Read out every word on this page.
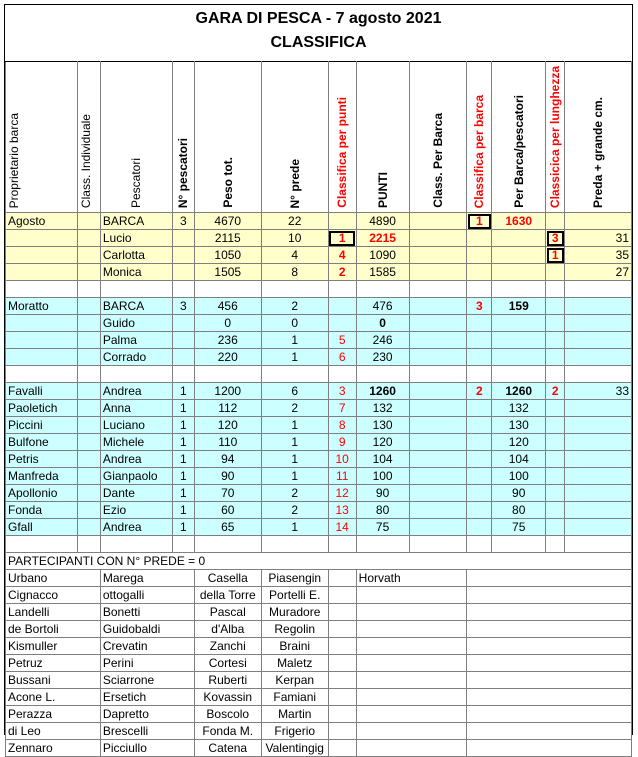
GARA DI PESCA - 7 agosto 2021
CLASSIFICA
Proprietario barca	Class. Individuale	Pescatori	N° pescatori	Peso tot.	N° prede	Classifica per punti	PUNTI	Class. Per Barca	Classifica per barca	Per Barca/pescatori	Classicica per lunghezza	Preda + grande cm.
Agosto		BARCA	3	4670	22		4890		1	1630		
		Lucio		2115	10	1	2215				3	31
		Carlotta		1050	4	4	1090				1	35
		Monica		1505	8	2	1585					27

Moratto		BARCA	3	456	2		476		3	159		
		Guido		0	0		0					
		Palma		236	1	5	246					
		Corrado		220	1	6	230					

Favalli		Andrea	1	1200	6	3	1260		2	1260	2	33
Paoletich		Anna	1	112	2	7	132			132		
Piccini		Luciano	1	120	1	8	130			130		
Bulfone		Michele	1	110	1	9	120			120		
Petris		Andrea	1	94	1	10	104			104		
Manfreda		Gianpaolo	1	90	1	11	100			100		
Apollonio		Dante	1	70	2	12	90			90		
Fonda		Ezio	1	60	2	13	80			80		
Gfall		Andrea	1	65	1	14	75			75		

PARTECIPANTI CON N° PREDE = 0												
Urbano		Marega		Casella	Piasengin		Horvath					
Cignacco		ottogalli		della Torre	Portelli E.							
Landelli		Bonetti		Pascal	Muradore							
de Bortoli		Guidobaldi		d'Alba	Regolin							
Kismuller		Crevatin		Zanchi	Braini							
Petruz		Perini		Cortesi	Maletz							
Bussani		Sciarrone		Ruberti	Kerpan							
Acone L.		Ersetich		Kovassin	Famiani							
Perazza		Dapretto		Boscolo	Martin							
di Leo		Brescelli		Fonda M.	Frigerio							
Zennaro		Picciullo		Catena	Valentingig							
